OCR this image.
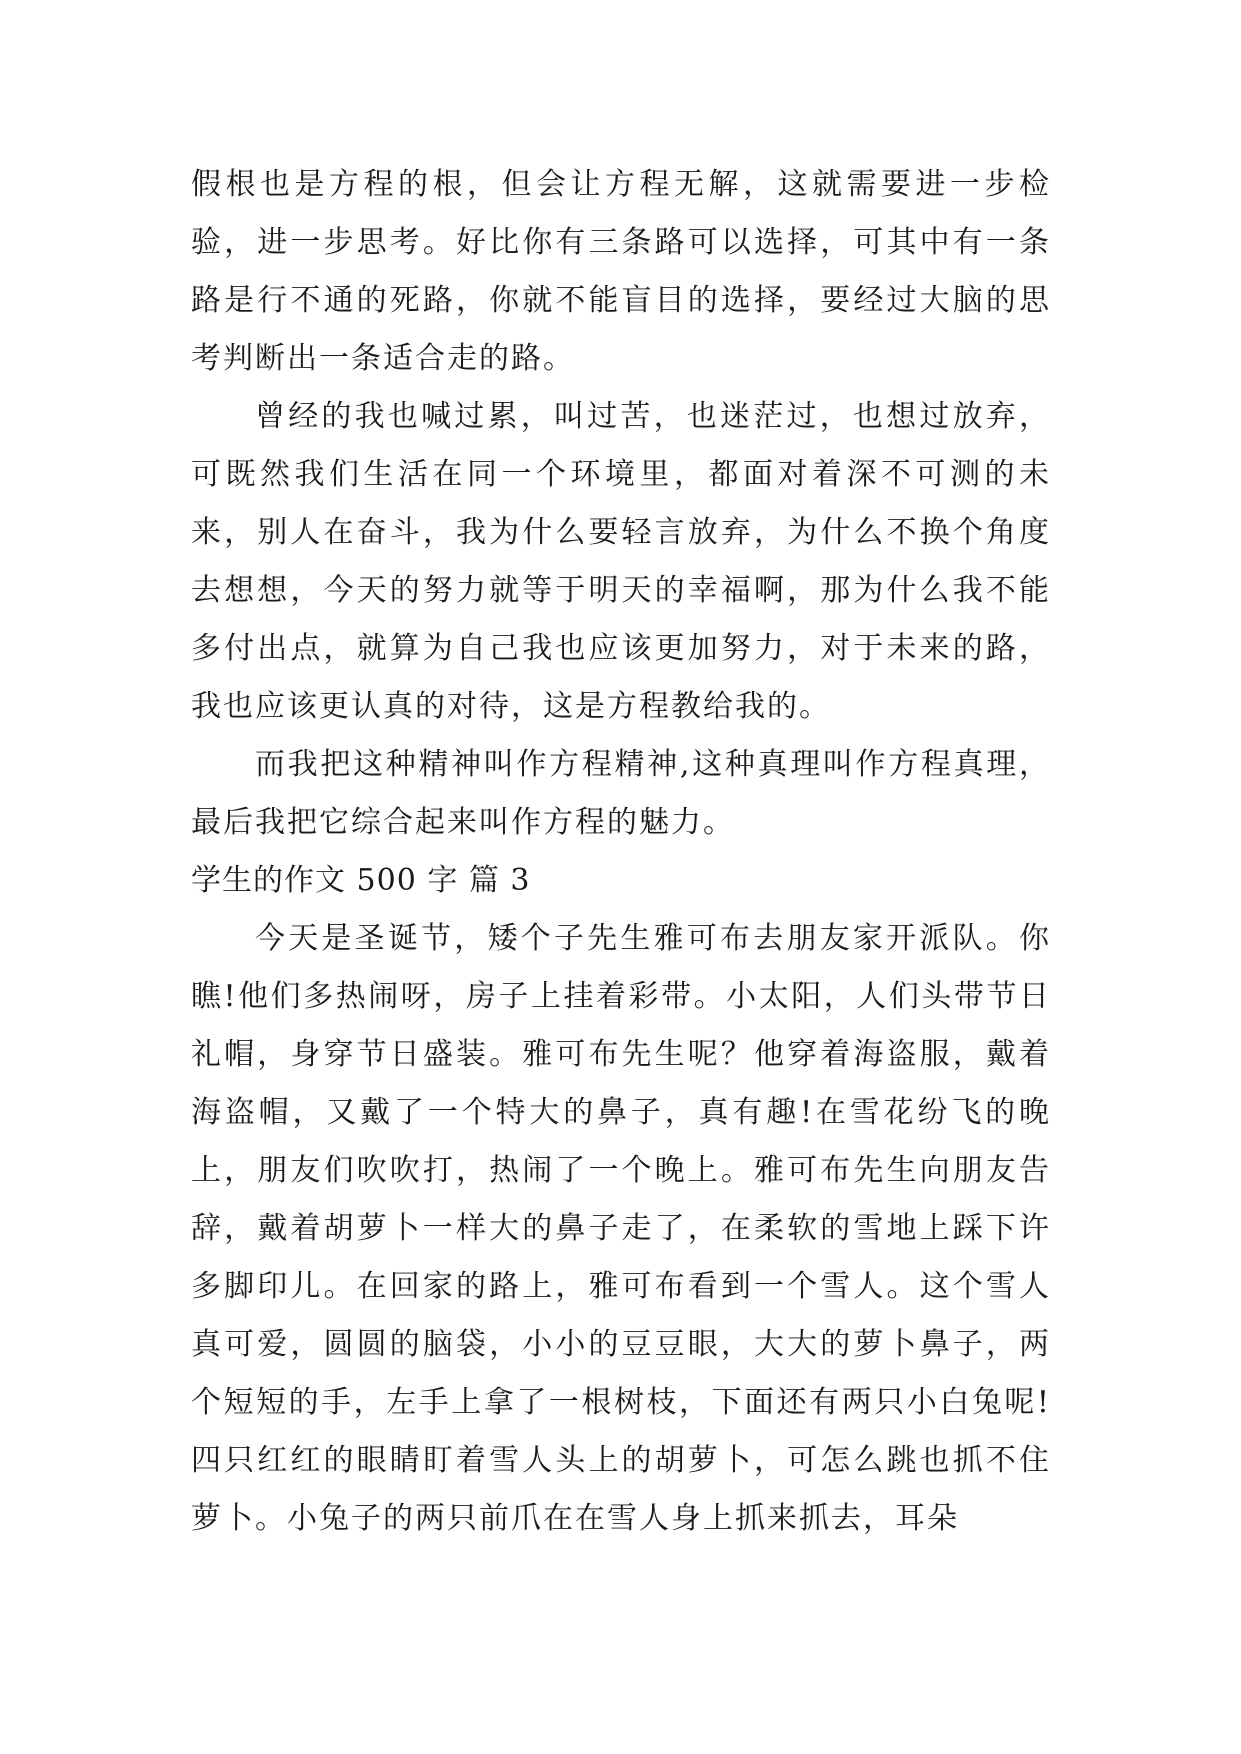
假根也是方程的根，但会让方程无解，这就需要进一步检验，进一步思考。好比你有三条路可以选择，可其中有一条路是行不通的死路，你就不能盲目的选择，要经过大脑的思考判断出一条适合走的路。

曾经的我也喊过累，叫过苦，也迷茫过，也想过放弃，可既然我们生活在同一个环境里，都面对着深不可测的未来，别人在奋斗，我为什么要轻言放弃，为什么不换个角度去想想，今天的努力就等于明天的幸福啊，那为什么我不能多付出点，就算为自己我也应该更加努力，对于未来的路，我也应该更认真的对待，这是方程教给我的。

而我把这种精神叫作方程精神,这种真理叫作方程真理，最后我把它综合起来叫作方程的魅力。

学生的作文 500 字 篇 3

今天是圣诞节，矮个子先生雅可布去朋友家开派队。你瞧!他们多热闹呀，房子上挂着彩带。小太阳，人们头带节日礼帽，身穿节日盛装。雅可布先生呢？他穿着海盗服，戴着海盗帽，又戴了一个特大的鼻子，真有趣!在雪花纷飞的晚上，朋友们吹吹打，热闹了一个晚上。雅可布先生向朋友告辞，戴着胡萝卜一样大的鼻子走了，在柔软的雪地上踩下许多脚印儿。在回家的路上，雅可布看到一个雪人。这个雪人真可爱，圆圆的脑袋，小小的豆豆眼，大大的萝卜鼻子，两个短短的手，左手上拿了一根树枝，下面还有两只小白兔呢!四只红红的眼睛盯着雪人头上的胡萝卜，可怎么跳也抓不住萝卜。小兔子的两只前爪在在雪人身上抓来抓去，耳朵
